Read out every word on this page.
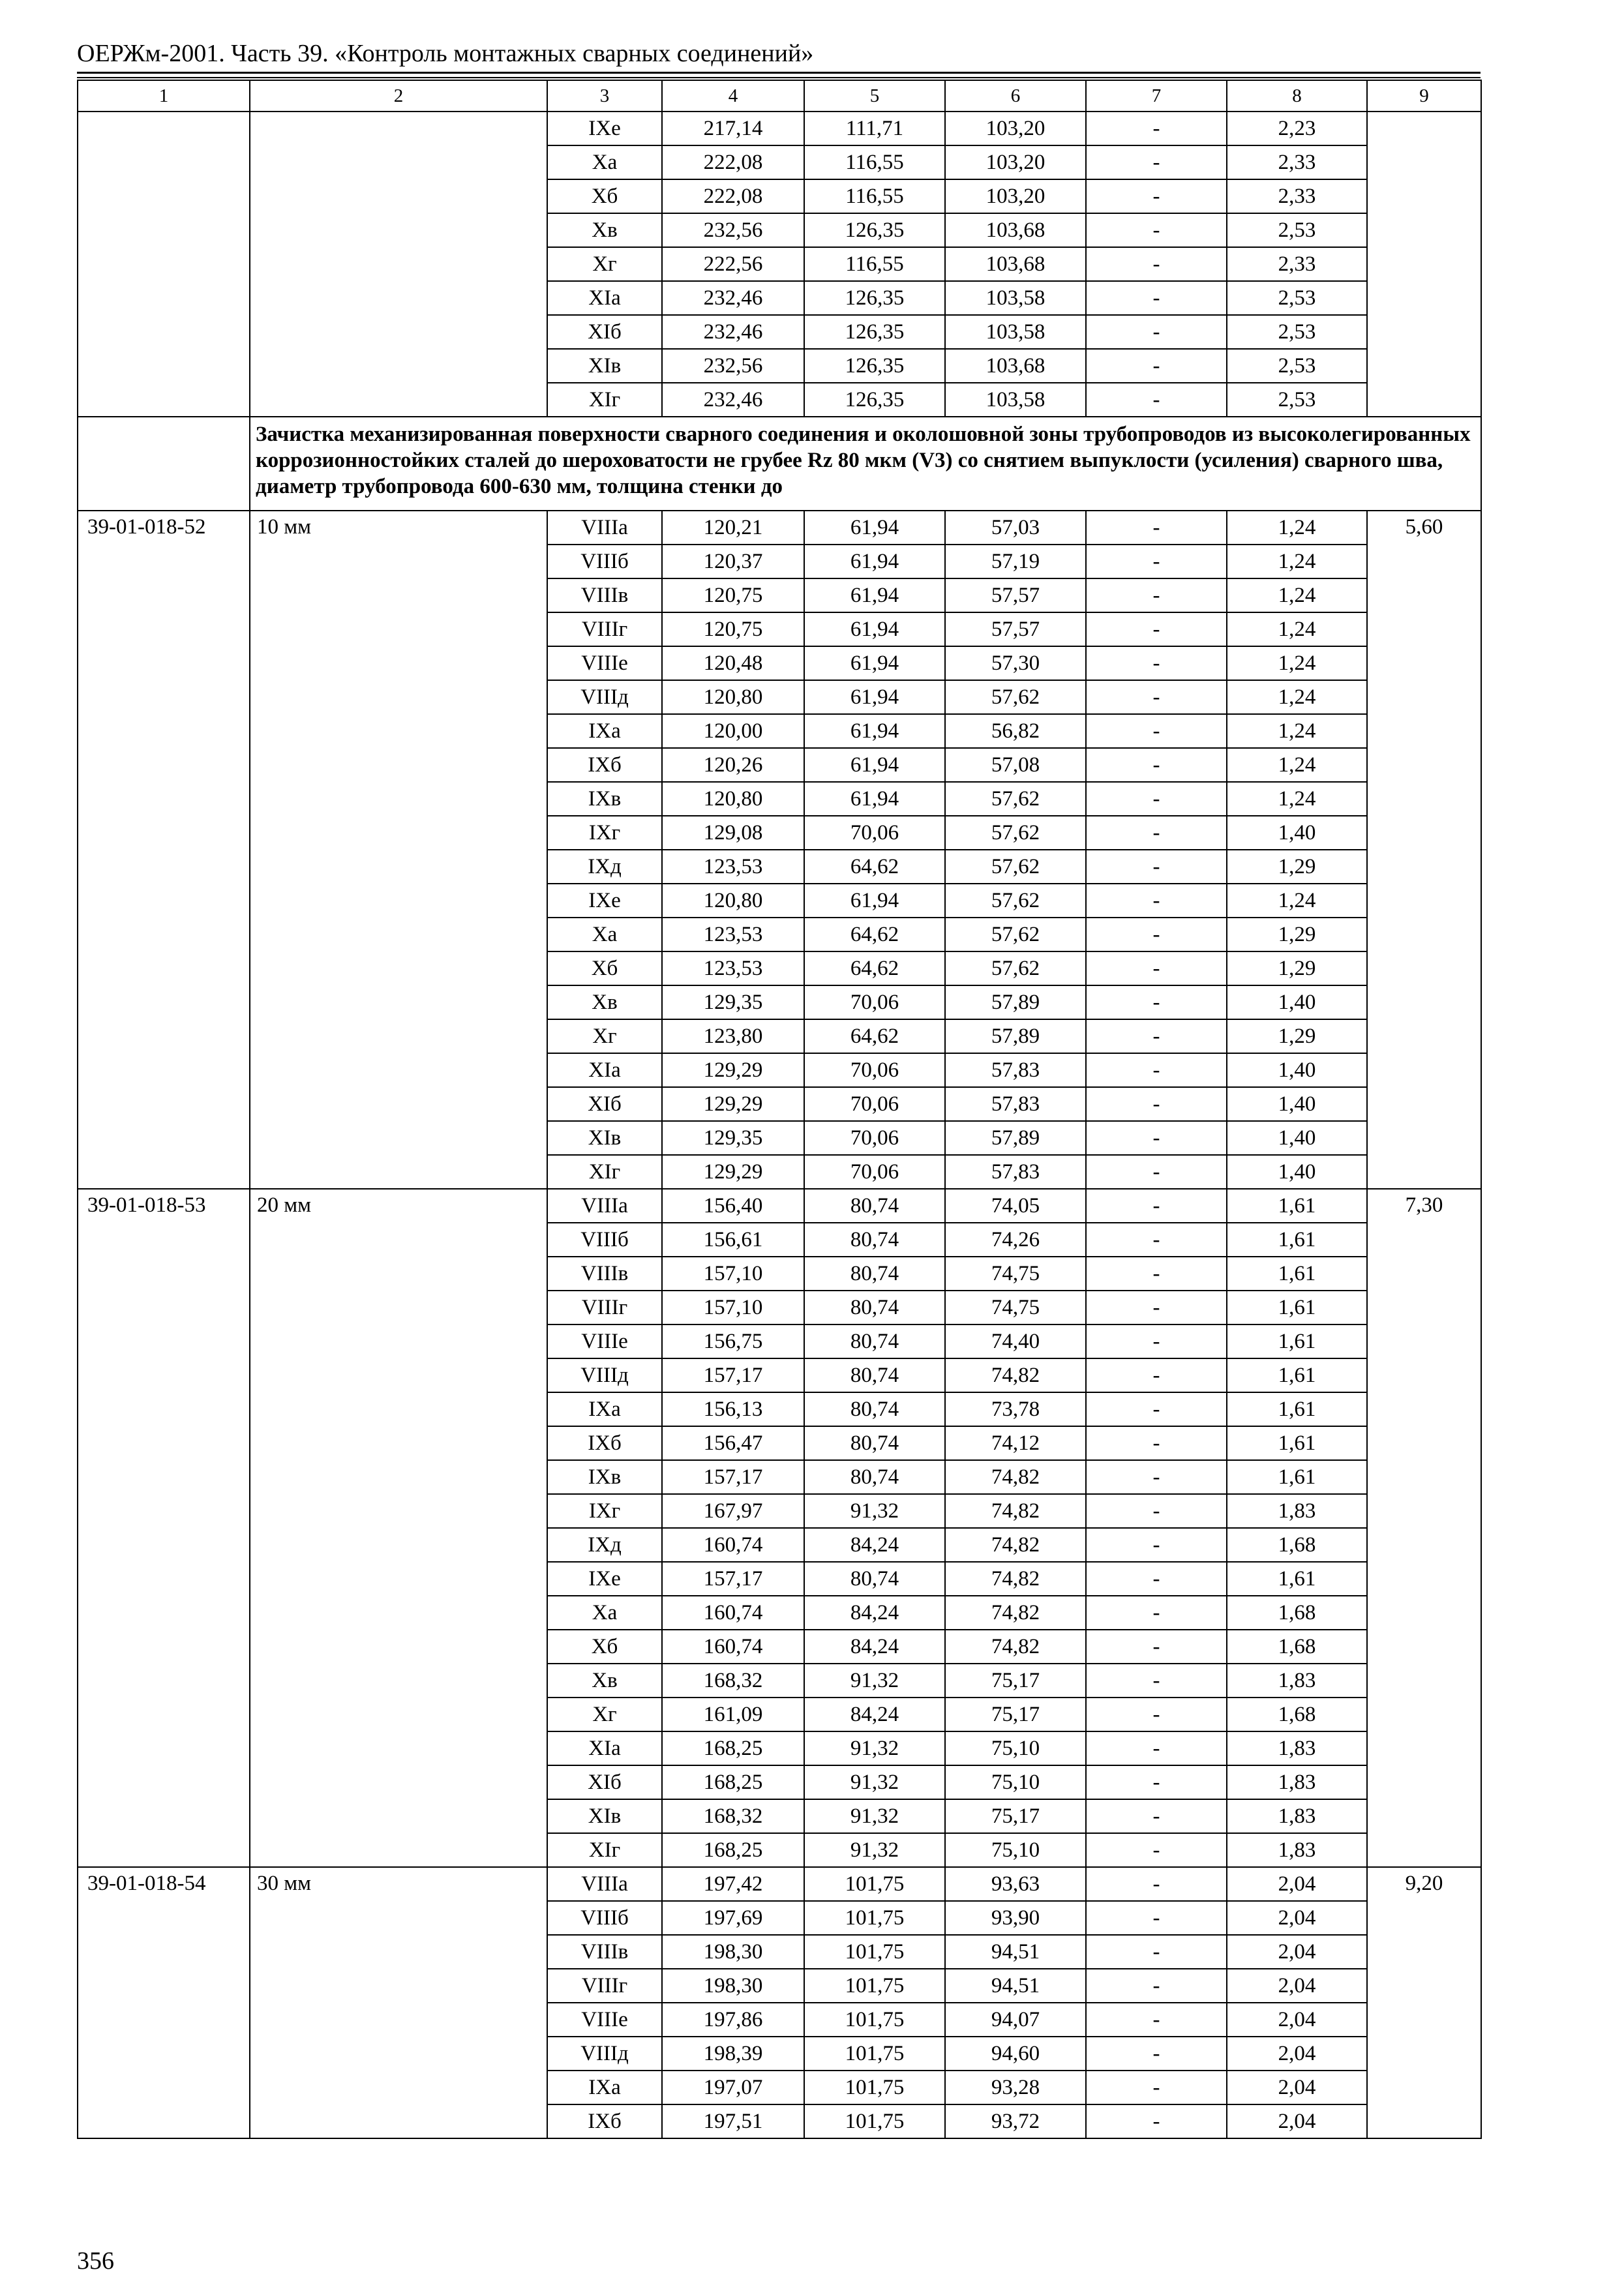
ОЕРЖм-2001. Часть 39. «Контроль монтажных сварных соединений»
1	2	3	4	5	6	7	8	9
		IXe	217,14	111,71	103,20	-	2,23	
		Xa	222,08	116,55	103,20	-	2,33	
		Xб	222,08	116,55	103,20	-	2,33	
		Xв	232,56	126,35	103,68	-	2,53	
		Xг	222,56	116,55	103,68	-	2,33	
		XIa	232,46	126,35	103,58	-	2,53	
		XIб	232,46	126,35	103,58	-	2,53	
		XIв	232,56	126,35	103,68	-	2,53	
		XIг	232,46	126,35	103,58	-	2,53	
	Зачистка механизированная поверхности сварного соединения и околошовной зоны трубопроводов из высоколегированных коррозионностойких сталей до шероховатости не грубее Rz 80 мкм (V3) со снятием выпуклости (усиления) сварного шва, диаметр трубопровода 600-630 мм, толщина стенки до							
39-01-018-52	10 мм	VIIIa	120,21	61,94	57,03	-	1,24	5,60
		VIIIб	120,37	61,94	57,19	-	1,24	
		VIIIв	120,75	61,94	57,57	-	1,24	
		VIIIг	120,75	61,94	57,57	-	1,24	
		VIIIe	120,48	61,94	57,30	-	1,24	
		VIIIд	120,80	61,94	57,62	-	1,24	
		IXa	120,00	61,94	56,82	-	1,24	
		IXб	120,26	61,94	57,08	-	1,24	
		IXв	120,80	61,94	57,62	-	1,24	
		IXг	129,08	70,06	57,62	-	1,40	
		IXд	123,53	64,62	57,62	-	1,29	
		IXe	120,80	61,94	57,62	-	1,24	
		Xa	123,53	64,62	57,62	-	1,29	
		Xб	123,53	64,62	57,62	-	1,29	
		Xв	129,35	70,06	57,89	-	1,40	
		Xг	123,80	64,62	57,89	-	1,29	
		XIa	129,29	70,06	57,83	-	1,40	
		XIб	129,29	70,06	57,83	-	1,40	
		XIв	129,35	70,06	57,89	-	1,40	
		XIг	129,29	70,06	57,83	-	1,40	
39-01-018-53	20 мм	VIIIa	156,40	80,74	74,05	-	1,61	7,30
		VIIIб	156,61	80,74	74,26	-	1,61	
		VIIIв	157,10	80,74	74,75	-	1,61	
		VIIIг	157,10	80,74	74,75	-	1,61	
		VIIIe	156,75	80,74	74,40	-	1,61	
		VIIIд	157,17	80,74	74,82	-	1,61	
		IXa	156,13	80,74	73,78	-	1,61	
		IXб	156,47	80,74	74,12	-	1,61	
		IXв	157,17	80,74	74,82	-	1,61	
		IXг	167,97	91,32	74,82	-	1,83	
		IXд	160,74	84,24	74,82	-	1,68	
		IXe	157,17	80,74	74,82	-	1,61	
		Xa	160,74	84,24	74,82	-	1,68	
		Xб	160,74	84,24	74,82	-	1,68	
		Xв	168,32	91,32	75,17	-	1,83	
		Xг	161,09	84,24	75,17	-	1,68	
		XIa	168,25	91,32	75,10	-	1,83	
		XIб	168,25	91,32	75,10	-	1,83	
		XIв	168,32	91,32	75,17	-	1,83	
		XIг	168,25	91,32	75,10	-	1,83	
39-01-018-54	30 мм	VIIIa	197,42	101,75	93,63	-	2,04	9,20
		VIIIб	197,69	101,75	93,90	-	2,04	
		VIIIв	198,30	101,75	94,51	-	2,04	
		VIIIг	198,30	101,75	94,51	-	2,04	
		VIIIe	197,86	101,75	94,07	-	2,04	
		VIIIд	198,39	101,75	94,60	-	2,04	
		IXa	197,07	101,75	93,28	-	2,04	
		IXб	197,51	101,75	93,72	-	2,04	
356
